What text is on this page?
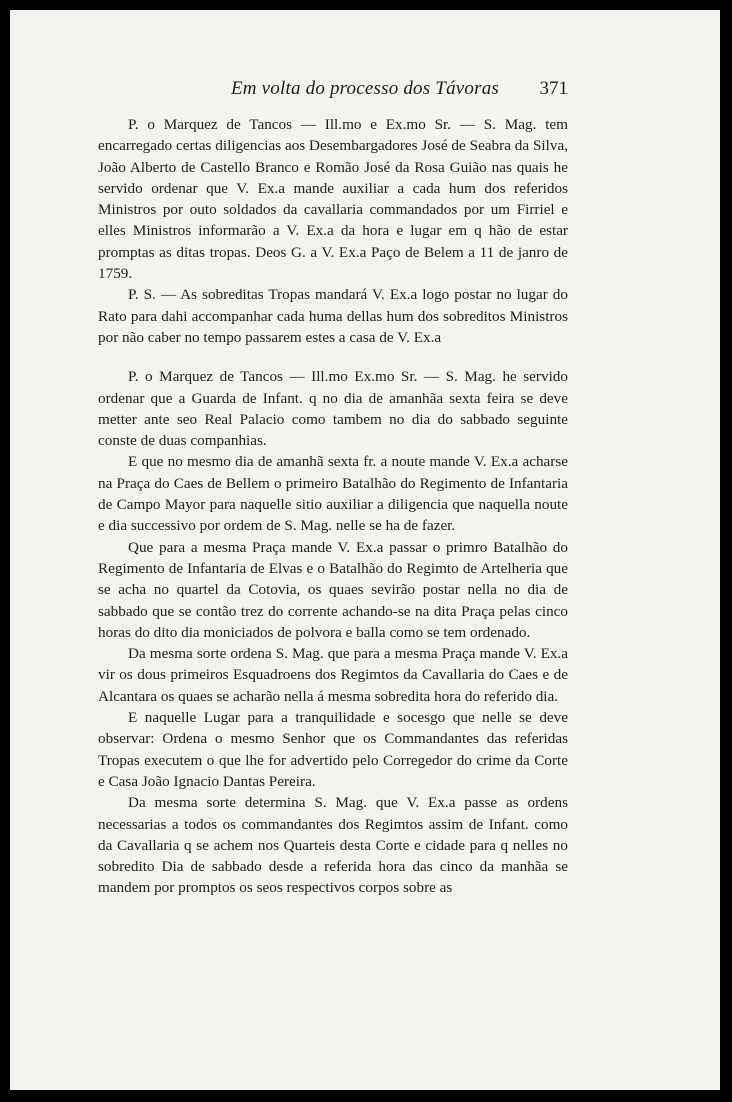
Em volta do processo dos Távoras	371

P. o Marquez de Tancos — Ill.mo e Ex.mo Sr. — S. Mag. tem encarregado certas diligencias aos Desembargadores José de Seabra da Silva, João Alberto de Castello Branco e Romão José da Rosa Guião nas quais he servido ordenar que V. Ex.a mande auxiliar a cada hum dos referidos Ministros por outo soldados da cavallaria commandados por um Firriel e elles Ministros informarão a V. Ex.a da hora e lugar em q hão de estar promptas as ditas tropas. Deos G. a V. Ex.a Paço de Belem a 11 de janro de 1759.

P. S. — As sobreditas Tropas mandará V. Ex.a logo postar no lugar do Rato para dahi accompanhar cada huma dellas hum dos sobreditos Ministros por não caber no tempo passarem estes a casa de V. Ex.a

P. o Marquez de Tancos — Ill.mo Ex.mo Sr. — S. Mag. he servido ordenar que a Guarda de Infant. q no dia de amanhãa sexta feira se deve metter ante seo Real Palacio como tambem no dia do sabbado seguinte conste de duas companhias.

E que no mesmo dia de amanhã sexta fr. a noute mande V. Ex.a acharse na Praça do Caes de Bellem o primeiro Batalhão do Regimento de Infantaria de Campo Mayor para naquelle sitio auxiliar a diligencia que naquella noute e dia successivo por ordem de S. Mag. nelle se ha de fazer.

Que para a mesma Praça mande V. Ex.a passar o primro Batalhão do Regimento de Infantaria de Elvas e o Batalhão do Regimto de Artelheria que se acha no quartel da Cotovia, os quaes sevirão postar nella no dia de sabbado que se contão trez do corrente achando-se na dita Praça pelas cinco horas do dito dia moniciados de polvora e balla como se tem ordenado.

Da mesma sorte ordena S. Mag. que para a mesma Praça mande V. Ex.a vir os dous primeiros Esquadroens dos Regimtos da Cavallaria do Caes e de Alcantara os quaes se acharão nella á mesma sobredita hora do referido dia.

E naquelle Lugar para a tranquilidade e socesgo que nelle se deve observar: Ordena o mesmo Senhor que os Commandantes das referidas Tropas executem o que lhe for advertido pelo Corregedor do crime da Corte e Casa João Ignacio Dantas Pereira.

Da mesma sorte determina S. Mag. que V. Ex.a passe as ordens necessarias a todos os commandantes dos Regimtos assim de Infant. como da Cavallaria q se achem nos Quarteis desta Corte e cidade para q nelles no sobredito Dia de sabbado desde a referida hora das cinco da manhãa se mandem por promptos os seos respectivos corpos sobre as
